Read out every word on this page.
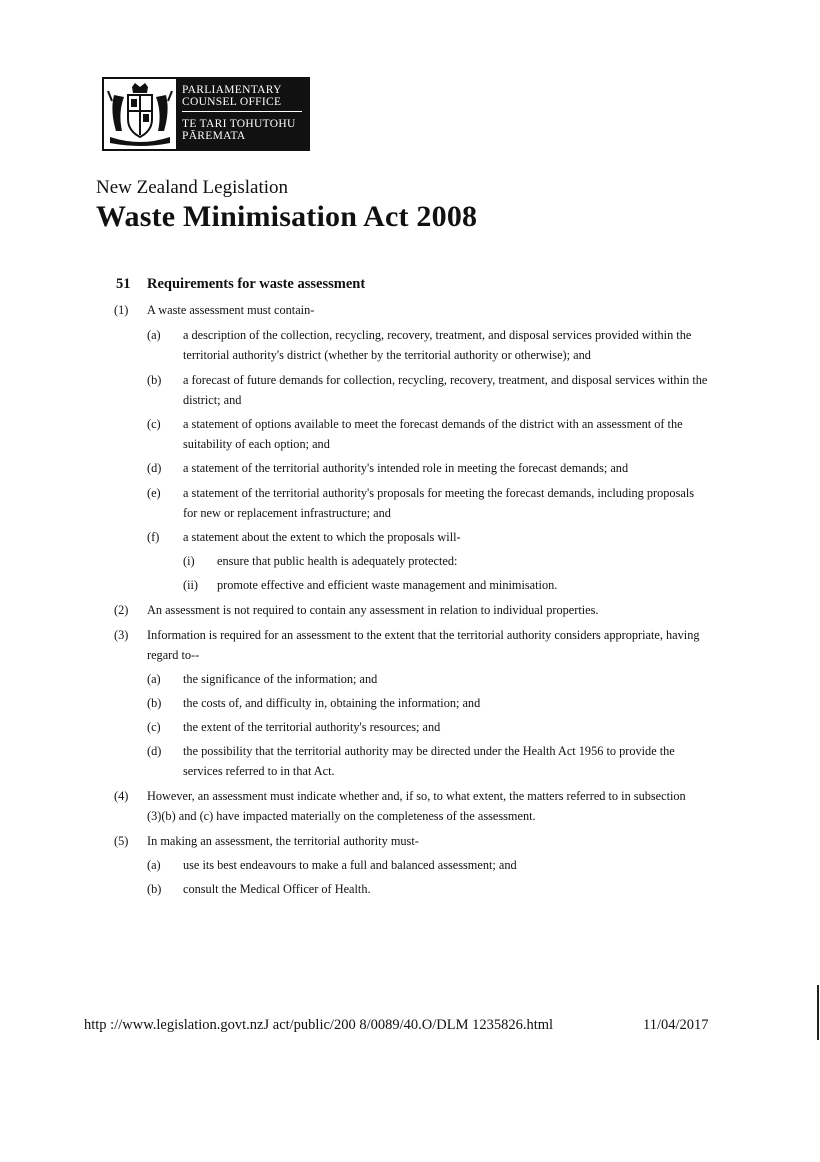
PARLIAMENTARY
COUNSEL OFFICE
TE TARI TOHUTOHU
PĀREMATA
New Zealand Legislation
Waste Minimisation Act 2008
51 Requirements for waste assessment
(1) A waste assessment must contain-
(a) a description of the collection, recycling, recovery, treatment, and disposal services provided within the
territorial authority's district (whether by the territorial authority or otherwise); and
(b) a forecast of future demands for collection, recycling, recovery, treatment, and disposal services within the
district; and
(c) a statement of options available to meet the forecast demands of the district with an assessment of the
suitability of each option; and
(d) a statement of the territorial authority's intended role in meeting the forecast demands; and
(e) a statement of the territorial authority's proposals for meeting the forecast demands, including proposals
for new or replacement infrastructure; and
(f) a statement about the extent to which the proposals will-
(i) ensure that public health is adequately protected:
(ii) promote effective and efficient waste management and minimisation.
(2) An assessment is not required to contain any assessment in relation to individual properties.
(3) Information is required for an assessment to the extent that the territorial authority considers appropriate, having
regard to--
(a) the significance of the information; and
(b) the costs of, and difficulty in, obtaining the information; and
(c) the extent of the territorial authority's resources; and
(d) the possibility that the territorial authority may be directed under the Health Act 1956 to provide the
services referred to in that Act.
(4) However, an assessment must indicate whether and, if so, to what extent, the matters referred to in subsection
(3)(b) and (c) have impacted materially on the completeness of the assessment.
(5) In making an assessment, the territorial authority must-
(a) use its best endeavours to make a full and balanced assessment; and
(b) consult the Medical Officer of Health.
http ://www.legislation.govt.nzJ act/public/200 8/0089/40.O/DLM 1235826.html	11/04/2017
